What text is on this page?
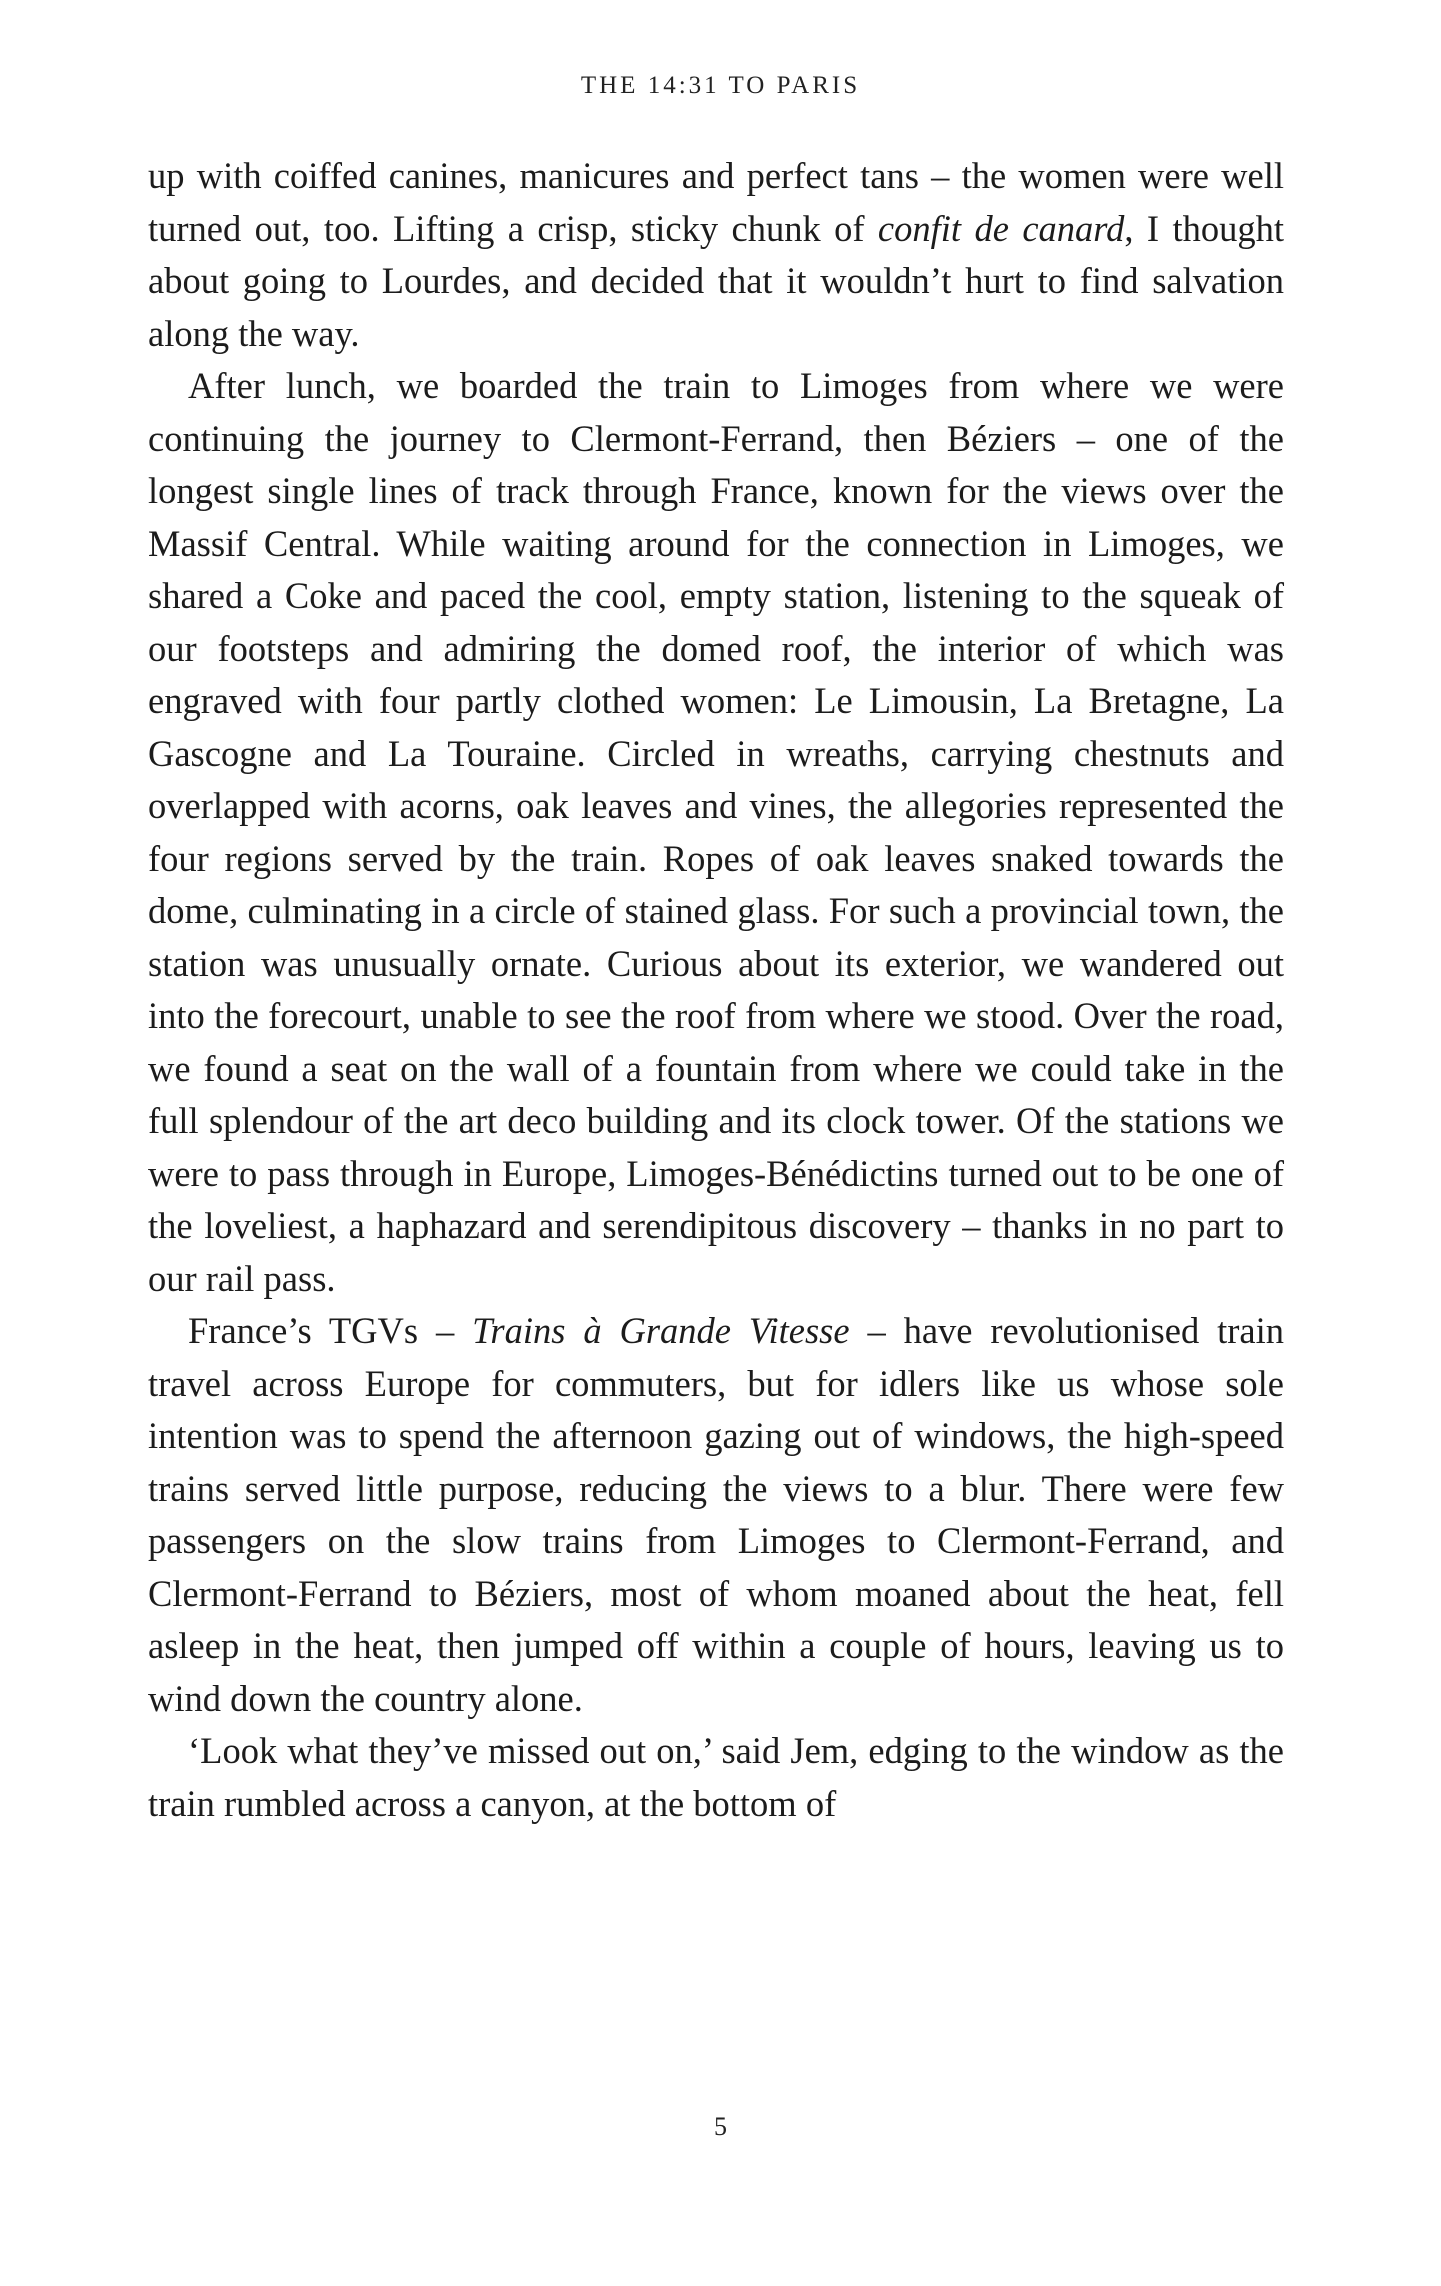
THE 14:31 TO PARIS

up with coiffed canines, manicures and perfect tans – the women were well turned out, too. Lifting a crisp, sticky chunk of confit de canard, I thought about going to Lourdes, and decided that it wouldn’t hurt to find salvation along the way.

After lunch, we boarded the train to Limoges from where we were continuing the journey to Clermont-Ferrand, then Béziers – one of the longest single lines of track through France, known for the views over the Massif Central. While waiting around for the connection in Limoges, we shared a Coke and paced the cool, empty station, listening to the squeak of our footsteps and admiring the domed roof, the interior of which was engraved with four partly clothed women: Le Limousin, La Bretagne, La Gascogne and La Touraine. Circled in wreaths, carrying chestnuts and overlapped with acorns, oak leaves and vines, the allegories represented the four regions served by the train. Ropes of oak leaves snaked towards the dome, culminating in a circle of stained glass. For such a provincial town, the station was unusually ornate. Curious about its exterior, we wandered out into the forecourt, unable to see the roof from where we stood. Over the road, we found a seat on the wall of a fountain from where we could take in the full splendour of the art deco building and its clock tower. Of the stations we were to pass through in Europe, Limoges-Bénédictins turned out to be one of the loveliest, a haphazard and serendipitous discovery – thanks in no part to our rail pass.

France’s TGVs – Trains à Grande Vitesse – have revolutionised train travel across Europe for commuters, but for idlers like us whose sole intention was to spend the afternoon gazing out of windows, the high-speed trains served little purpose, reducing the views to a blur. There were few passengers on the slow trains from Limoges to Clermont-Ferrand, and Clermont-Ferrand to Béziers, most of whom moaned about the heat, fell asleep in the heat, then jumped off within a couple of hours, leaving us to wind down the country alone.

‘Look what they’ve missed out on,’ said Jem, edging to the window as the train rumbled across a canyon, at the bottom of

5
